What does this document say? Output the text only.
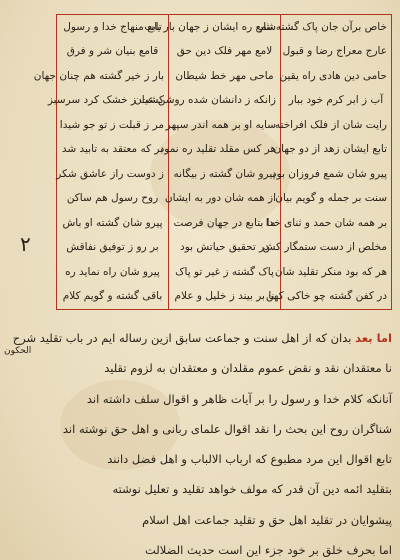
خاص برآن جان پاک گشته نثار
عارج معراج رضا و قبول
حامی دین هادی راه یقین
آب ز ابر کرم خود ببار
رایت شان از فلک افراخته
تابع ایشان زهد از دو جهان
پیرو شان شمع فروزان بود
سنت بر جمله و گویم بیان
بر همه شان حمد و ثنای خدا
مخلص از دست ستمگار کش
هر که بود منکر تقلید شان
در کفن گشته چو خاکی کهن
شمع ره ایشان ز جهان بار یاب
لامع مهر فلک دین حق
ماحی مهر خط شیطان
زانکه ز دانشان شده روشن عیان
سایه او بر همه اندر سپهر
هر کس مقلد تقلید ره نمود
پیرو شان گشته ز بیگانه
از همه شان دور به ایشان
ما بتابع در جهان فرصت
در تحقیق حیاتش بود
پاک گشته ز غیر تو پاک
نا بر بیند ز خلیل و علام
تابع منهاج خدا و رسول
قامع بنیان شر و فرق
بار ز خیر گشته هم چنان جهان
کشت ز خشک کرد سرسبز
مر ز قبلت ز تو جو شیدا
بر که معتقد به تابید شد
ز دوست راز عاشق شکر
روح رسول هم ساکن
پیرو شان گشته او باش
بر رو ز توفیق نفاقش
پیرو شان راه نماید ره
باقی گشته و گویم کلام
۲
الحکون
اما بعد بدان که از اهل سنت و جماعت سابق ازین رساله ایم در باب تقلید شرح
نا معتقدان نقد و نقض عموم مقلدان و معتقدان به لزوم تقلید
آنانکه کلام خدا و رسول را بر آیات ظاهر و اقوال سلف داشته اند
شناگران روح این بحث را نقد اقوال علمای ربانی و اهل حق نوشته اند
تابع اقوال این مرد مطبوع که ارباب الالباب و اهل فضل دانند
بتقلید ائمه دین آن قدر که مولف خواهد تقلید و تعلیل نوشته
پیشوایان در تقلید اهل حق و تقلید جماعت اهل اسلام
اما بحرف خلق بر خود جزء این است حدیث الضلالت
